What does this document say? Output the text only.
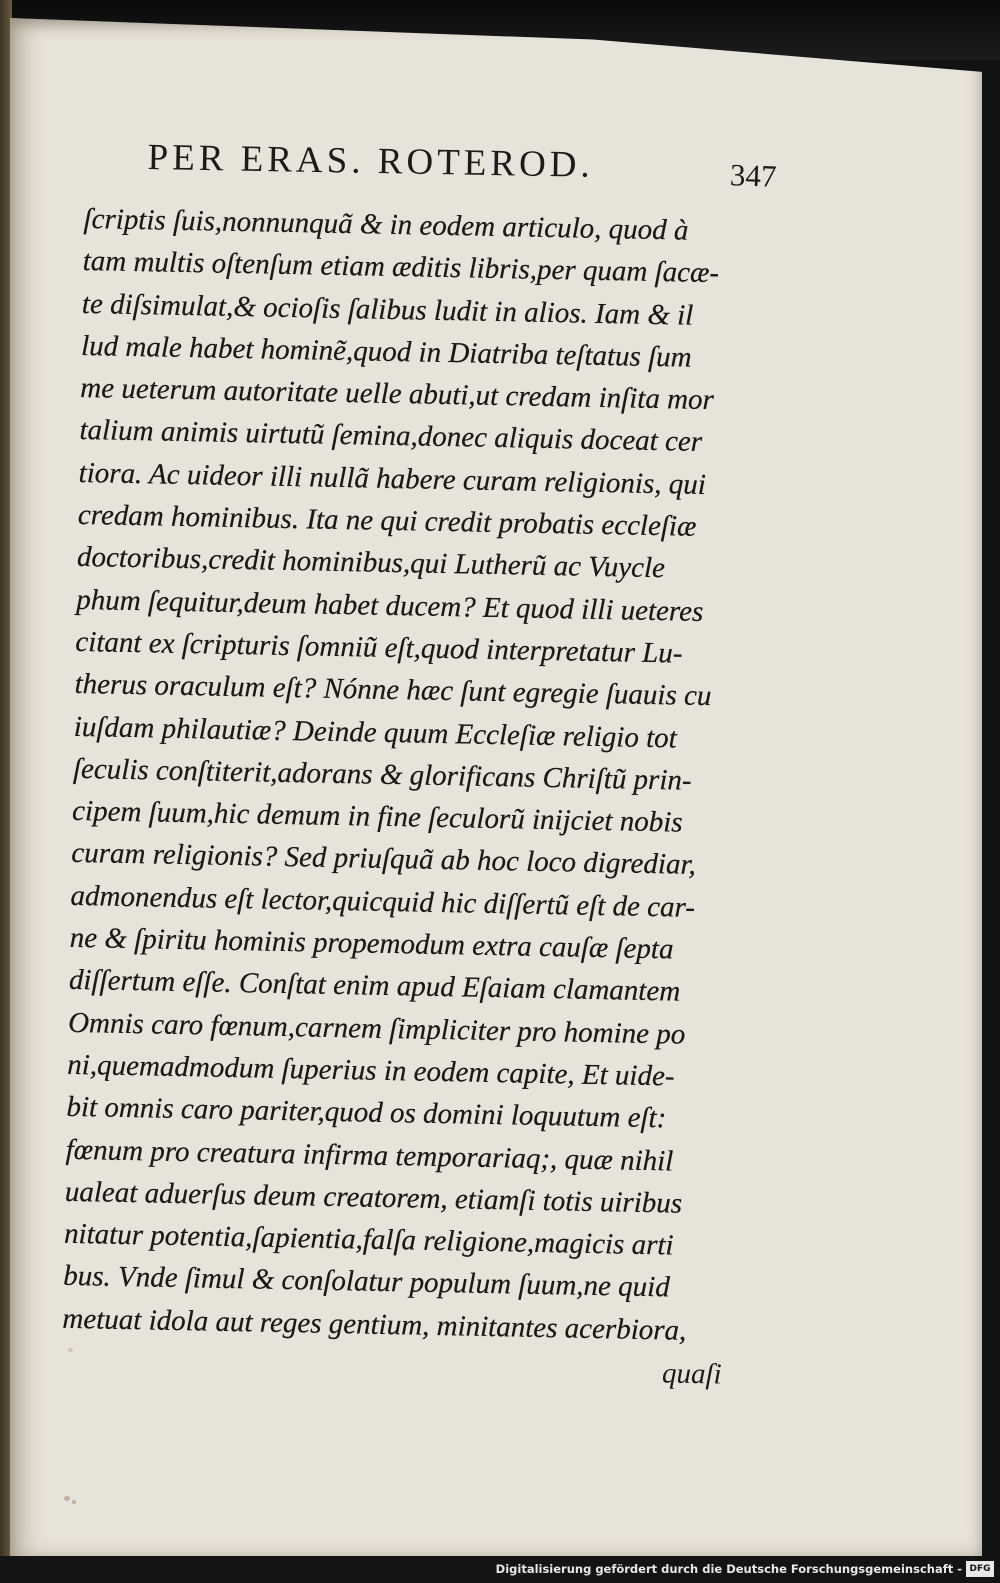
PER ERAS. ROTEROD.	347
ſcriptis ſuis,nonnunquã & in eodem articulo, quod à
tam multis oſtenſum etiam æditis libris,per quam ſacæ-
te diſsimulat,& ocioſis ſalibus ludit in alios. Iam & il
lud male habet hominẽ,quod in Diatriba teſtatus ſum
me ueterum autoritate uelle abuti,ut credam inſita mor
talium animis uirtutũ ſemina,donec aliquis doceat cer
tiora. Ac uideor illi nullã habere curam religionis, qui
credam hominibus. Ita ne qui credit probatis eccleſiæ
doctoribus,credit hominibus,qui Lutherũ ac Vuycle
phum ſequitur,deum habet ducem? Et quod illi ueteres
citant ex ſcripturis ſomniũ eſt,quod interpretatur Lu-
therus oraculum eſt? Nónne hæc ſunt egregie ſuauis cu
iuſdam philautiæ? Deinde quum Eccleſiæ religio tot
ſeculis conſtiterit,adorans & glorificans Chriſtũ prin-
cipem ſuum,hic demum in fine ſeculorũ inijciet nobis
curam religionis? Sed priuſquã ab hoc loco digrediar,
admonendus eſt lector,quicquid hic diſſertũ eſt de car-
ne & ſpiritu hominis propemodum extra cauſæ ſepta
diſſertum eſſe. Conſtat enim apud Eſaiam clamantem
Omnis caro fœnum,carnem ſimpliciter pro homine po
ni,quemadmodum ſuperius in eodem capite, Et uide-
bit omnis caro pariter,quod os domini loquutum eſt:
fœnum pro creatura infirma temporariaq;, quæ nihil
ualeat aduerſus deum creatorem, etiamſi totis uiribus
nitatur potentia,ſapientia,falſa religione,magicis arti
bus. Vnde ſimul & conſolatur populum ſuum,ne quid
metuat idola aut reges gentium, minitantes acerbiora,
quaſi
Digitalisierung gefördert durch die Deutsche Forschungsgemeinschaft - DFG
